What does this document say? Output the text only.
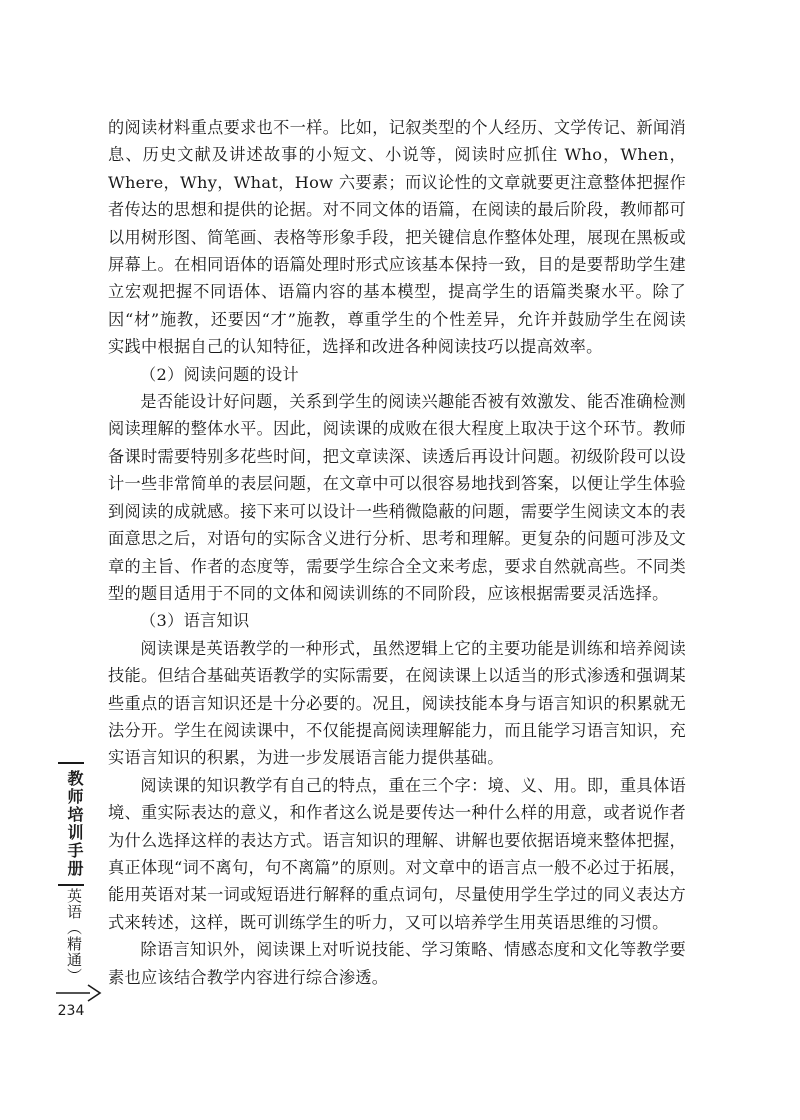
的阅读材料重点要求也不一样。比如，记叙类型的个人经历、文学传记、新闻消息、历史文献及讲述故事的小短文、小说等，阅读时应抓住 Who，When，Where，Why，What，How 六要素；而议论性的文章就要更注意整体把握作者传达的思想和提供的论据。对不同文体的语篇，在阅读的最后阶段，教师都可以用树形图、简笔画、表格等形象手段，把关键信息作整体处理，展现在黑板或屏幕上。在相同语体的语篇处理时形式应该基本保持一致，目的是要帮助学生建立宏观把握不同语体、语篇内容的基本模型，提高学生的语篇类聚水平。除了因“材”施教，还要因“才”施教，尊重学生的个性差异，允许并鼓励学生在阅读实践中根据自己的认知特征，选择和改进各种阅读技巧以提高效率。

（2）阅读问题的设计

是否能设计好问题，关系到学生的阅读兴趣能否被有效激发、能否准确检测阅读理解的整体水平。因此，阅读课的成败在很大程度上取决于这个环节。教师备课时需要特别多花些时间，把文章读深、读透后再设计问题。初级阶段可以设计一些非常简单的表层问题，在文章中可以很容易地找到答案，以便让学生体验到阅读的成就感。接下来可以设计一些稍微隐蔽的问题，需要学生阅读文本的表面意思之后，对语句的实际含义进行分析、思考和理解。更复杂的问题可涉及文章的主旨、作者的态度等，需要学生综合全文来考虑，要求自然就高些。不同类型的题目适用于不同的文体和阅读训练的不同阶段，应该根据需要灵活选择。

（3）语言知识

阅读课是英语教学的一种形式，虽然逻辑上它的主要功能是训练和培养阅读技能。但结合基础英语教学的实际需要，在阅读课上以适当的形式渗透和强调某些重点的语言知识还是十分必要的。况且，阅读技能本身与语言知识的积累就无法分开。学生在阅读课中，不仅能提高阅读理解能力，而且能学习语言知识，充实语言知识的积累，为进一步发展语言能力提供基础。

阅读课的知识教学有自己的特点，重在三个字：境、义、用。即，重具体语境、重实际表达的意义，和作者这么说是要传达一种什么样的用意，或者说作者为什么选择这样的表达方式。语言知识的理解、讲解也要依据语境来整体把握，真正体现“词不离句，句不离篇”的原则。对文章中的语言点一般不必过于拓展，能用英语对某一词或短语进行解释的重点词句，尽量使用学生学过的同义表达方式来转述，这样，既可训练学生的听力，又可以培养学生用英语思维的习惯。

除语言知识外，阅读课上对听说技能、学习策略、情感态度和文化等教学要素也应该结合教学内容进行综合渗透。

教师培训手册
英语（精通）
234
